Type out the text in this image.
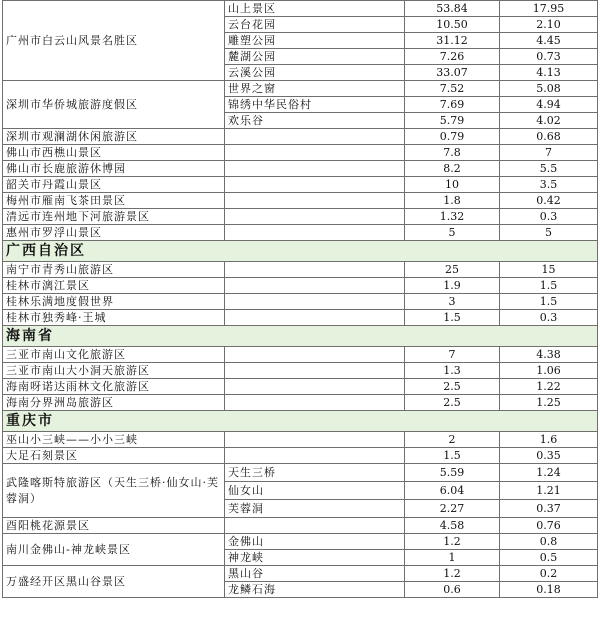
广州市白云山风景名胜区	山上景区	53.84	17.95
	云台花园	10.50	2.10
	雕塑公园	31.12	4.45
	麓湖公园	7.26	0.73
	云溪公园	33.07	4.13
深圳市华侨城旅游度假区	世界之窗	7.52	5.08
	锦绣中华民俗村	7.69	4.94
	欢乐谷	5.79	4.02
深圳市观澜湖休闲旅游区		0.79	0.68
佛山市西樵山景区		7.8	7
佛山市长鹿旅游休博园		8.2	5.5
韶关市丹霞山景区		10	3.5
梅州市雁南飞茶田景区		1.8	0.42
清远市连州地下河旅游景区		1.32	0.3
惠州市罗浮山景区		5	5
广西自治区			
南宁市青秀山旅游区		25	15
桂林市漓江景区		1.9	1.5
桂林乐满地度假世界		3	1.5
桂林市独秀峰·王城		1.5	0.3
海南省			
三亚市南山文化旅游区		7	4.38
三亚市南山大小洞天旅游区		1.3	1.06
海南呀诺达雨林文化旅游区		2.5	1.22
海南分界洲岛旅游区		2.5	1.25
重庆市			
巫山小三峡——小小三峡		2	1.6
大足石刻景区		1.5	0.35
武隆喀斯特旅游区（天生三桥·仙女山·芙蓉洞）	天生三桥	5.59	1.24
	仙女山	6.04	1.21
	芙蓉洞	2.27	0.37
酉阳桃花源景区		4.58	0.76
南川金佛山-神龙峡景区	金佛山	1.2	0.8
	神龙峡	1	0.5
万盛经开区黑山谷景区	黑山谷	1.2	0.2
	龙鳞石海	0.6	0.18
